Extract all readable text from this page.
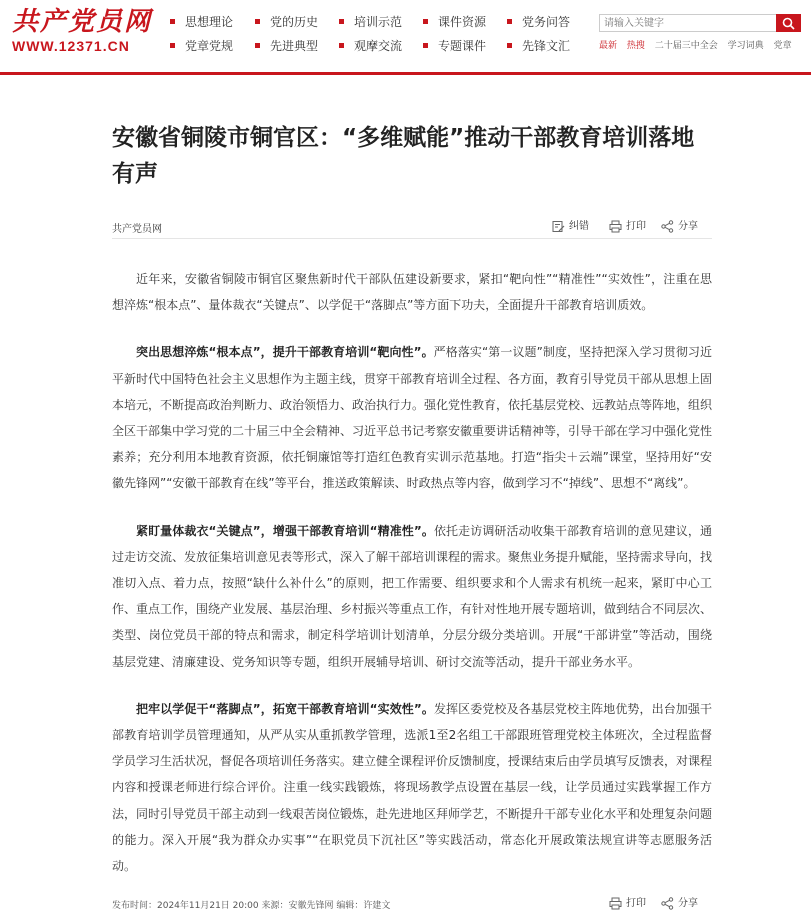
共产党员网
WWW.12371.CN
思想理论	党的历史	培训示范	课件资源	党务问答
党章党规	先进典型	观摩交流	专题课件	先锋文汇
请输入关键字	最新 热搜 二十届三中全会 学习词典 党章
安徽省铜陵市铜官区：“多维赋能”推动干部教育培训落地有声
共产党员网	纠错	打印	分享

近年来，安徽省铜陵市铜官区聚焦新时代干部队伍建设新要求，紧扣“靶向性”“精准性”“实效性”，注重在思想淬炼“根本点”、量体裁衣“关键点”、以学促干“落脚点”等方面下功夫，全面提升干部教育培训质效。

突出思想淬炼“根本点”，提升干部教育培训“靶向性”。严格落实“第一议题”制度，坚持把深入学习贯彻习近平新时代中国特色社会主义思想作为主题主线，贯穿干部教育培训全过程、各方面，教育引导党员干部从思想上固本培元，不断提高政治判断力、政治领悟力、政治执行力。强化党性教育，依托基层党校、远教站点等阵地，组织全区干部集中学习党的二十届三中全会精神、习近平总书记考察安徽重要讲话精神等，引导干部在学习中强化党性素养；充分利用本地教育资源，依托铜廉馆等打造红色教育实训示范基地。打造“指尖＋云端”课堂，坚持用好“安徽先锋网”“安徽干部教育在线”等平台，推送政策解读、时政热点等内容，做到学习不“掉线”、思想不“离线”。

紧盯量体裁衣“关键点”，增强干部教育培训“精准性”。依托走访调研活动收集干部教育培训的意见建议，通过走访交流、发放征集培训意见表等形式，深入了解干部培训课程的需求。聚焦业务提升赋能，坚持需求导向，找准切入点、着力点，按照“缺什么补什么”的原则，把工作需要、组织要求和个人需求有机统一起来，紧盯中心工作、重点工作，围绕产业发展、基层治理、乡村振兴等重点工作，有针对性地开展专题培训，做到结合不同层次、类型、岗位党员干部的特点和需求，制定科学培训计划清单，分层分级分类培训。开展“干部讲堂”等活动，围绕基层党建、清廉建设、党务知识等专题，组织开展辅导培训、研讨交流等活动，提升干部业务水平。

把牢以学促干“落脚点”，拓宽干部教育培训“实效性”。发挥区委党校及各基层党校主阵地优势，出台加强干部教育培训学员管理通知，从严从实从重抓教学管理，选派1至2名组工干部跟班管理党校主体班次，全过程监督学员学习生活状况，督促各项培训任务落实。建立健全课程评价反馈制度，授课结束后由学员填写反馈表，对课程内容和授课老师进行综合评价。注重一线实践锻炼，将现场教学点设置在基层一线，让学员通过实践掌握工作方法，同时引导党员干部主动到一线艰苦岗位锻炼，赴先进地区拜师学艺，不断提升干部专业化水平和处理复杂问题的能力。深入开展“我为群众办实事”“在职党员下沉社区”等实践活动，常态化开展政策法规宣讲等志愿服务活动。

发布时间：2024年11月21日 20:00 来源：安徽先锋网 编辑：许建文	打印	分享
